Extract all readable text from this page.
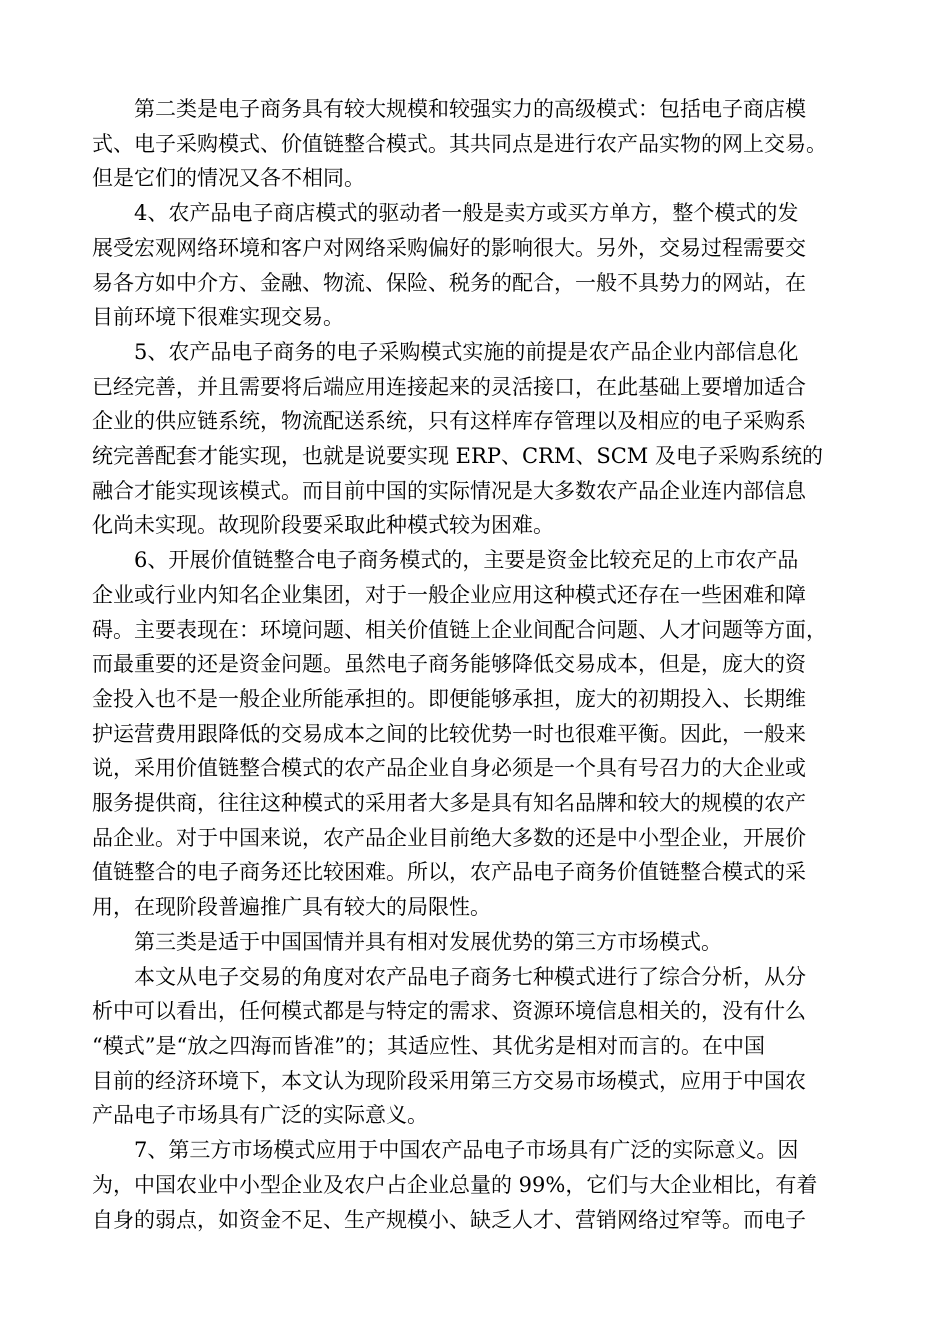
第二类是电子商务具有较大规模和较强实力的高级模式：包括电子商店模
式、电子采购模式、价值链整合模式。其共同点是进行农产品实物的网上交易。
但是它们的情况又各不相同。

4、农产品电子商店模式的驱动者一般是卖方或买方单方，整个模式的发
展受宏观网络环境和客户对网络采购偏好的影响很大。另外，交易过程需要交
易各方如中介方、金融、物流、保险、税务的配合，一般不具势力的网站，在
目前环境下很难实现交易。

5、农产品电子商务的电子采购模式实施的前提是农产品企业内部信息化
已经完善，并且需要将后端应用连接起来的灵活接口，在此基础上要增加适合
企业的供应链系统，物流配送系统，只有这样库存管理以及相应的电子采购系
统完善配套才能实现，也就是说要实现 ERP、CRM、SCM 及电子采购系统的
融合才能实现该模式。而目前中国的实际情况是大多数农产品企业连内部信息
化尚未实现。故现阶段要采取此种模式较为困难。

6、开展价值链整合电子商务模式的，主要是资金比较充足的上市农产品
企业或行业内知名企业集团，对于一般企业应用这种模式还存在一些困难和障
碍。主要表现在：环境问题、相关价值链上企业间配合问题、人才问题等方面，
而最重要的还是资金问题。虽然电子商务能够降低交易成本，但是，庞大的资
金投入也不是一般企业所能承担的。即便能够承担，庞大的初期投入、长期维
护运营费用跟降低的交易成本之间的比较优势一时也很难平衡。因此，一般来
说，采用价值链整合模式的农产品企业自身必须是一个具有号召力的大企业或
服务提供商，往往这种模式的采用者大多是具有知名品牌和较大的规模的农产
品企业。对于中国来说，农产品企业目前绝大多数的还是中小型企业，开展价
值链整合的电子商务还比较困难。所以，农产品电子商务价值链整合模式的采
用，在现阶段普遍推广具有较大的局限性。

第三类是适于中国国情并具有相对发展优势的第三方市场模式。

本文从电子交易的角度对农产品电子商务七种模式进行了综合分析，从分
析中可以看出，任何模式都是与特定的需求、资源环境信息相关的，没有什么
“模式”是“放之四海而皆准”的；其适应性、其优劣是相对而言的。在中国
目前的经济环境下，本文认为现阶段采用第三方交易市场模式，应用于中国农
产品电子市场具有广泛的实际意义。

7、第三方市场模式应用于中国农产品电子市场具有广泛的实际意义。因
为，中国农业中小型企业及农户占企业总量的 99%，它们与大企业相比，有着
自身的弱点，如资金不足、生产规模小、缺乏人才、营销网络过窄等。而电子
